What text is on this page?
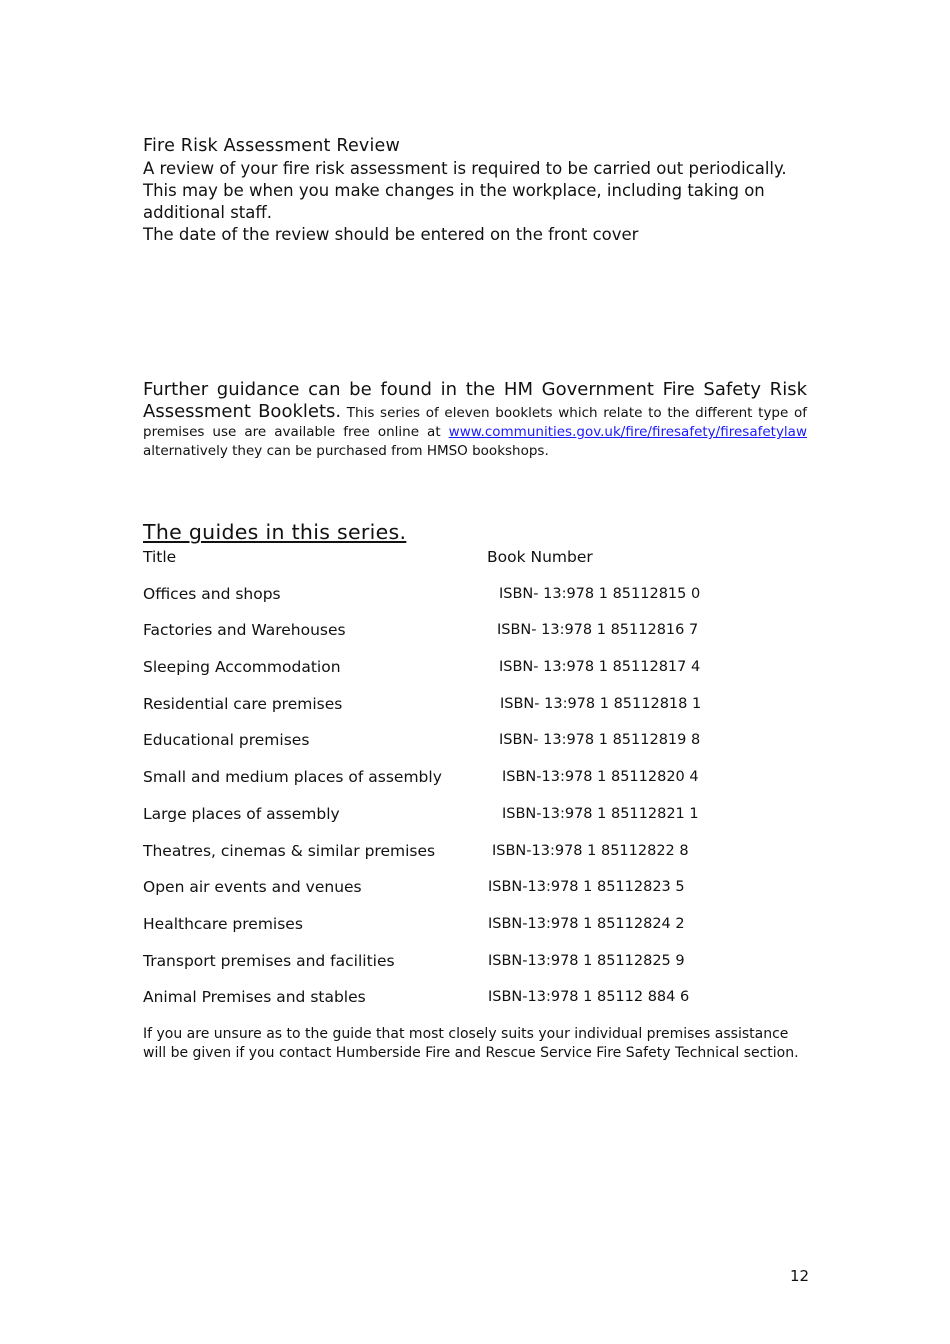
Fire Risk Assessment Review
A review of your fire risk assessment is required to be carried out periodically.
This may be when you make changes in the workplace, including taking on
additional staff.
The date of the review should be entered on the front cover
Further guidance can be found in the HM Government Fire Safety Risk Assessment Booklets. This series of eleven booklets which relate to the different type of premises use are available free online at www.communities.gov.uk/fire/firesafety/firesafetylaw alternatively they can be purchased from HMSO bookshops.
The guides in this series.
Title	Book Number
Offices and shops	ISBN- 13:978 1 85112815 0
Factories and Warehouses	ISBN- 13:978 1 85112816 7
Sleeping Accommodation	ISBN- 13:978 1 85112817 4
Residential care premises	ISBN- 13:978 1 85112818 1
Educational premises	ISBN- 13:978 1 85112819 8
Small and medium places of assembly	ISBN-13:978 1 85112820 4
Large places of assembly	ISBN-13:978 1 85112821 1
Theatres, cinemas & similar premises	ISBN-13:978 1 85112822 8
Open air events and venues	ISBN-13:978 1 85112823 5
Healthcare premises	ISBN-13:978 1 85112824 2
Transport premises and facilities	ISBN-13:978 1 85112825 9
Animal Premises and stables	ISBN-13:978 1 85112 884 6
If you are unsure as to the guide that most closely suits your individual premises assistance will be given if you contact Humberside Fire and Rescue Service Fire Safety Technical section.
12
